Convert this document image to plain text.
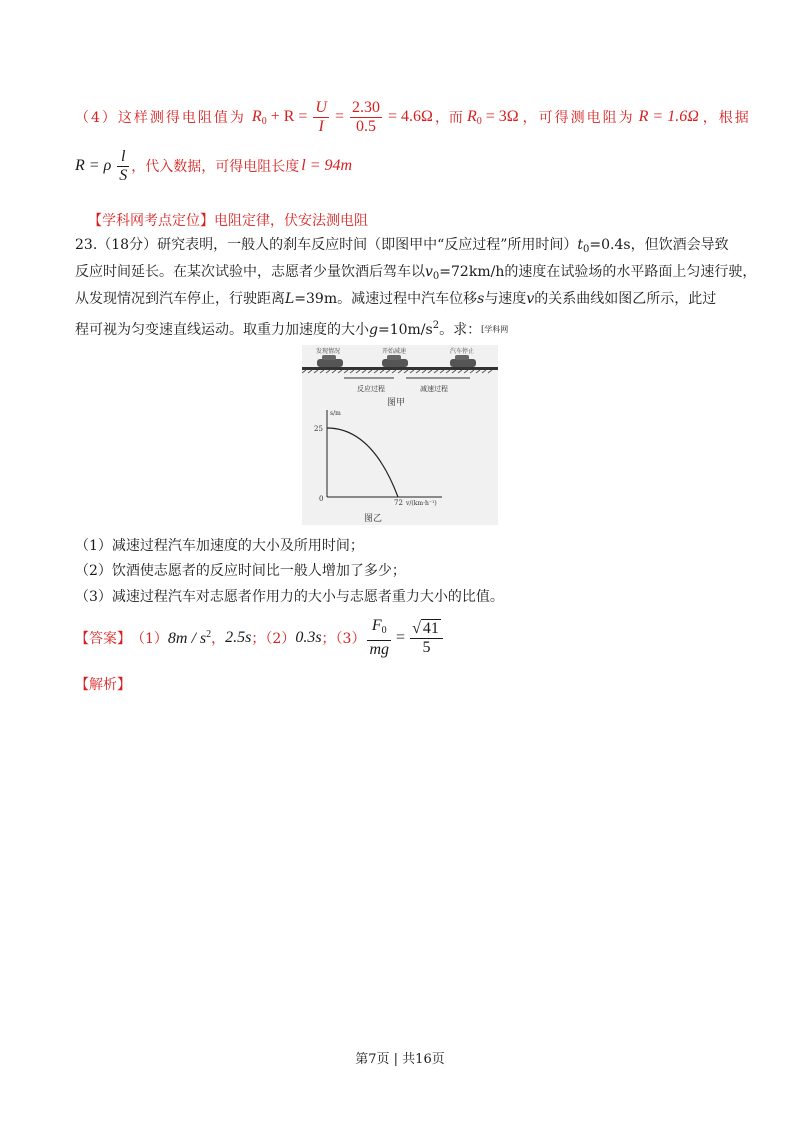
（4）这样测得电阻值为 $R_0 + R = \frac{U}{I} = \frac{2.30}{0.5} = 4.6\Omega$ ，而 $R_0 = 3\Omega$ ，可得测电阻为 R = 1.6Ω ，根据
R = ρ $\frac{l}{S}$ ，代入数据，可得电阻长度 l = 94m
【学科网考点定位】电阻定律，伏安法测电阻
23.（18分）研究表明，一般人的刹车反应时间（即图甲中“反应过程”所用时间）$t_0=0.4s$，但饮酒会导致
反应时间延长。在某次试验中，志愿者少量饮酒后驾车以$v_0=72km/h$的速度在试验场的水平路面上匀速行驶，
从发现情况到汽车停止，行驶距离L=39m。减速过程中汽车位移s与速度v的关系曲线如图乙所示，此过
程可视为匀变速直线运动。取重力加速度的大小$g=10m/s^2$。求：[学科网
发现情况	开始减速	汽车停止
反应过程	减速过程
图甲
s/m
25
0	72 v/(km·h⁻¹)
图乙
（1）减速过程汽车加速度的大小及所用时间；
（2）饮酒使志愿者的反应时间比一般人增加了多少；
（3）减速过程汽车对志愿者作用力的大小与志愿者重力大小的比值。
【答案】 （1） $8m / s^2$ ， 2.5s ；（2） 0.3s ；$(3) \frac{F_0}{mg} = \frac{√ 41}{5}$
【解析】
第7页 | 共16页
